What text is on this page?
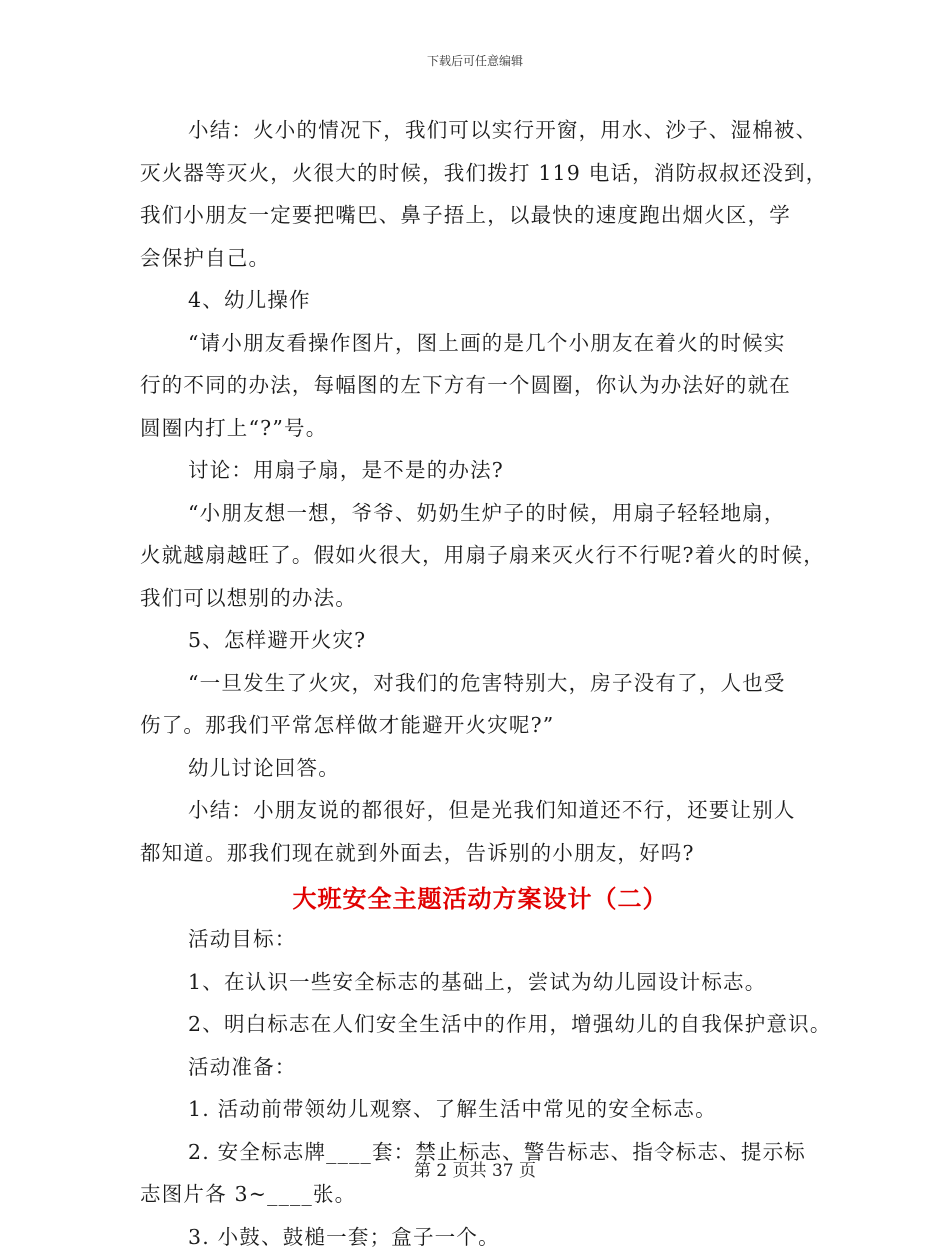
下载后可任意编辑
小结：火小的情况下，我们可以实行开窗，用水、沙子、湿棉被、
灭火器等灭火，火很大的时候，我们拨打 119 电话，消防叔叔还没到，
我们小朋友一定要把嘴巴、鼻子捂上，以最快的速度跑出烟火区，学
会保护自己。
4、幼儿操作
“请小朋友看操作图片，图上画的是几个小朋友在着火的时候实
行的不同的办法，每幅图的左下方有一个圆圈，你认为办法好的就在
圆圈内打上“?”号。
讨论：用扇子扇，是不是的办法?
“小朋友想一想，爷爷、奶奶生炉子的时候，用扇子轻轻地扇，
火就越扇越旺了。假如火很大，用扇子扇来灭火行不行呢?着火的时候，
我们可以想别的办法。
5、怎样避开火灾?
“一旦发生了火灾，对我们的危害特别大，房子没有了，人也受
伤了。那我们平常怎样做才能避开火灾呢?”
幼儿讨论回答。
小结：小朋友说的都很好，但是光我们知道还不行，还要让别人
都知道。那我们现在就到外面去，告诉别的小朋友，好吗?
大班安全主题活动方案设计（二）
活动目标：
1、在认识一些安全标志的基础上，尝试为幼儿园设计标志。
2、明白标志在人们安全生活中的作用，增强幼儿的自我保护意识。
活动准备：
1. 活动前带领幼儿观察、了解生活中常见的安全标志。
2. 安全标志牌____套：禁止标志、警告标志、指令标志、提示标
志图片各 3~____张。
3. 小鼓、鼓槌一套；盒子一个。
第 2 页共 37 页
